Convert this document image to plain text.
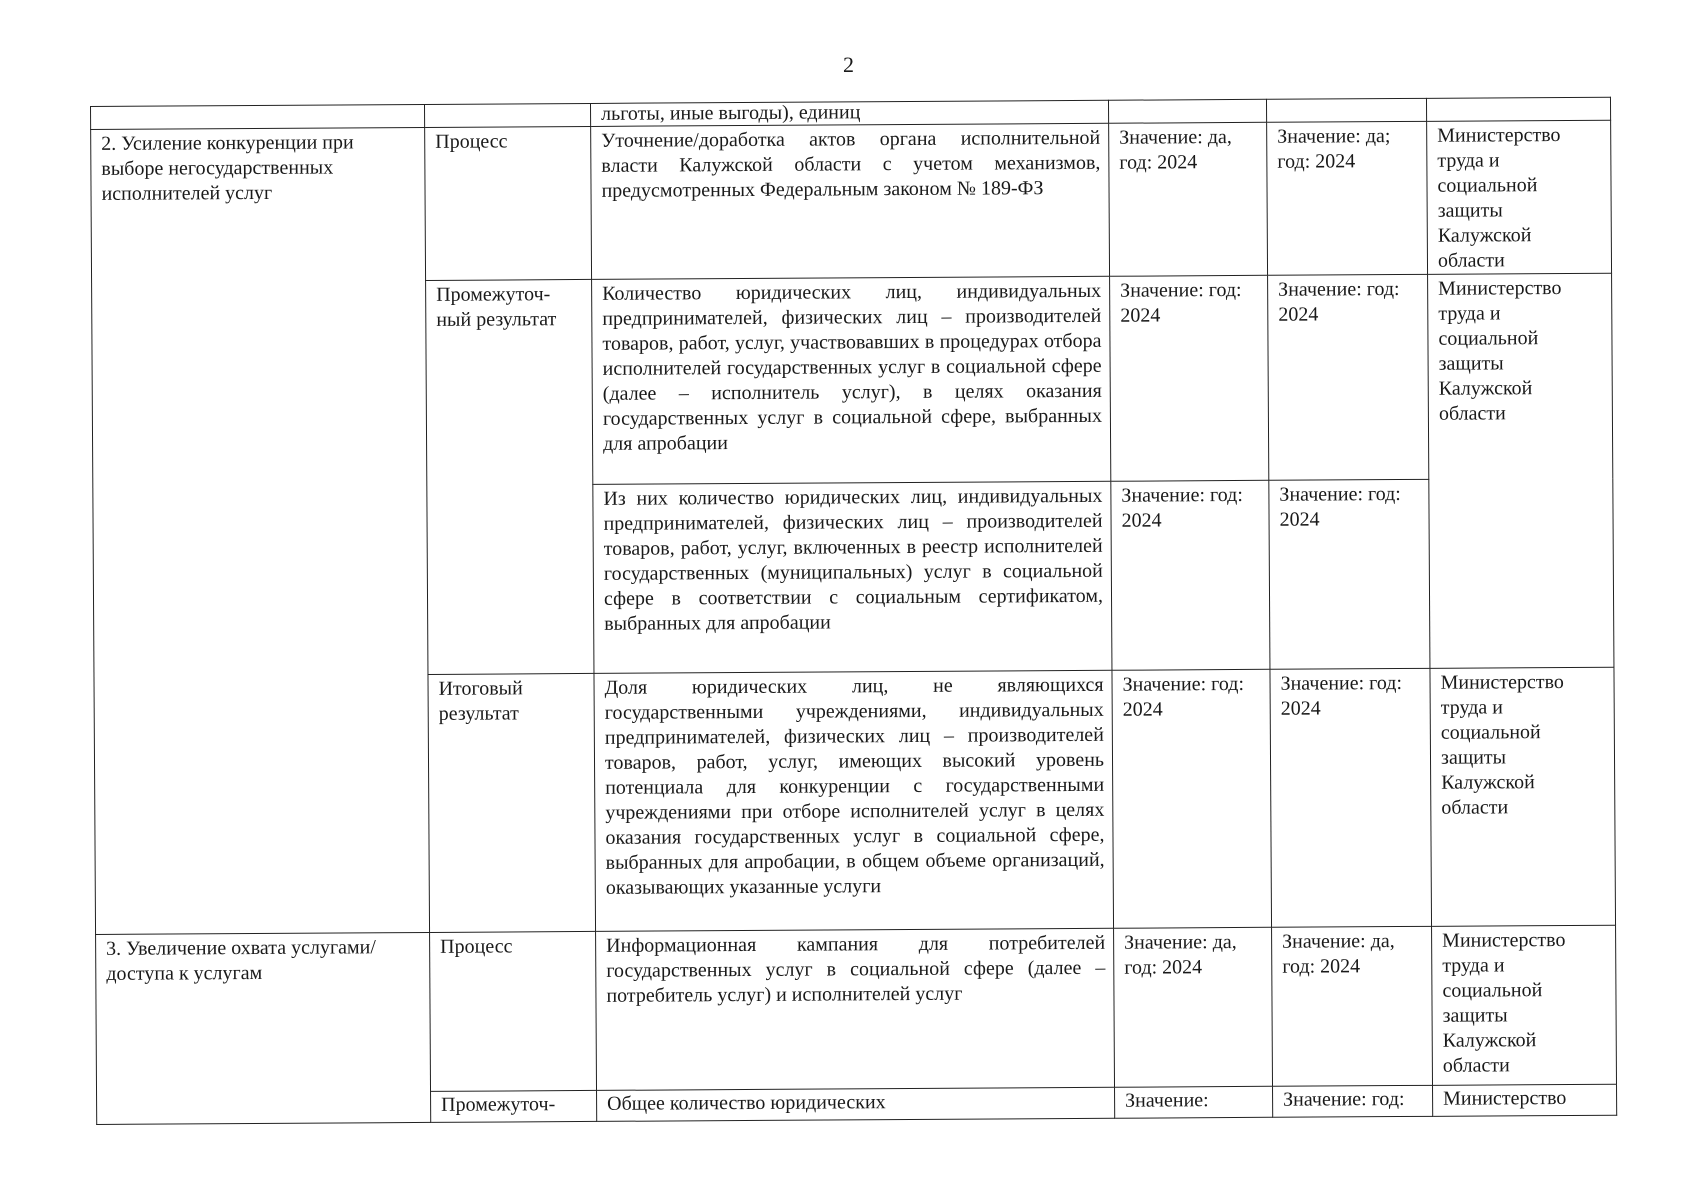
2
		льготы, иные выгоды), единиц			
2. Усиление конкуренции при выборе негосударственных исполнителей услуг	Процесс	Уточнение/доработка актов органа исполнительной власти Калужской области с учетом механизмов, предусмотренных Федеральным законом № 189-ФЗ	Значение: да, год: 2024	Значение: да; год: 2024	Министерство труда и социальной защиты Калужской области
	Промежуточ-ный результат	Количество юридических лиц, индивидуальных предпринимателей, физических лиц – производителей товаров, работ, услуг, участвовавших в процедурах отбора исполнителей государственных услуг в социальной сфере (далее – исполнитель услуг), в целях оказания государственных услуг в социальной сфере, выбранных для апробации	Значение: год: 2024	Значение: год: 2024	Министерство труда и социальной защиты Калужской области
		Из них количество юридических лиц, индивидуальных предпринимателей, физических лиц – производителей товаров, работ, услуг, включенных в реестр исполнителей государственных (муниципальных) услуг в социальной сфере в соответствии с социальным сертификатом, выбранных для апробации	Значение: год: 2024	Значение: год: 2024	
	Итоговый результат	Доля юридических лиц, не являющихся государственными учреждениями, индивидуальных предпринимателей, физических лиц – производителей товаров, работ, услуг, имеющих высокий уровень потенциала для конкуренции с государственными учреждениями при отборе исполнителей услуг в целях оказания государственных услуг в социальной сфере, выбранных для апробации, в общем объеме организаций, оказывающих указанные услуги	Значение: год: 2024	Значение: год: 2024	Министерство труда и социальной защиты Калужской области
3. Увеличение охвата услугами/ доступа к услугам	Процесс	Информационная кампания для потребителей государственных услуг в социальной сфере (далее – потребитель услуг) и исполнителей услуг	Значение: да, год: 2024	Значение: да, год: 2024	Министерство труда и социальной защиты Калужской области
	Промежуточ-	Общее количество юридических	Значение:	Значение: год:	Министерство
